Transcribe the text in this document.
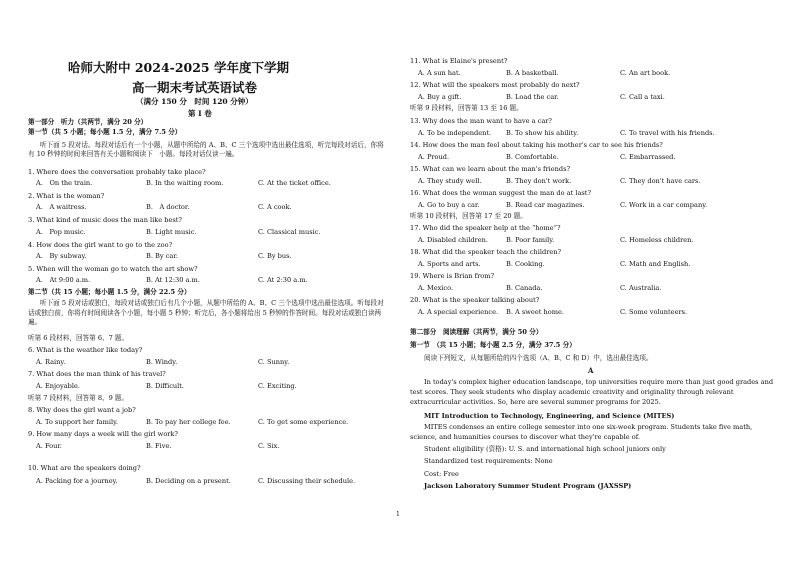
哈师大附中 2024-2025 学年度下学期
高一期末考试英语试卷
（满分 150 分　时间 120 分钟）
第 I 卷
第一部分　听力（共两节，满分 20 分）
第一节（共 5 小题；每小题 1.5 分，满分 7.5 分）
听下面 5 段对话。每段对话后有一个小题，从题中所给的 A、B、C 三个选项中选出最佳选项，听完每段对话后，你将有 10 秒钟的时间来回答有关小题和阅读下　小题。每段对话仅读一遍。
1. Where does the conversation probably take place?
A.　On the train.	B. In the waiting room.	C. At the ticket office.
2. What is the woman?
A.　A waitress.	B.　A doctor.	C. A cook.
3. What kind of music does the man like best?
A.　Pop music.	B. Light music.	C. Classical music.
4. How does the girl want to go to the zoo?
A.　By subway.	B. By car.	C. By bus.
5. When will the woman go to watch the art show?
A.　At 9:00 a.m.	B. At 12:30 a.m.	C. At 2:30 a.m.
第二节（共 15 小题；每小题 1.5 分，满分 22.5 分）
听下面 5 段对话或独白，每段对话或独白后有几个小题，从题中所给的 A、B、C 三个选项中选出最佳选项。听每段对话或独白前，你将有时间阅读各个小题，每小题 5 秒钟；听完后，各小题将给出 5 秒钟的作答时间。每段对话或独白读两遍。
听第 6 段材料，回答第 6、7 题。
6. What is the weather like today?
A. Rainy.	B. Windy.	C. Sunny.
7. What does the man think of his travel?
A. Enjoyable.	B. Difficult.	C. Exciting.
听第 7 段材料，回答第 8、9 题。
8. Why does the girl want a job?
A. To support her family.	B. To pay her college fee.	C. To get some experience.
9. How many days a week will the girl work?
A. Four.	B. Five.	C. Six.
10. What are the speakers doing?
A. Packing for a journey.	B. Deciding on a present.	C. Discussing their schedule.
11. What is Elaine's present?
A. A sun hat.	B. A basketball.	C. An art book.
12. What will the speakers most probably do next?
A. Buy a gift.	B. Load the car.	C. Call a taxi.
听第 9 段材料，回答第 13 至 16 题。
13. Why does the man want to have a car?
A. To be independent. B. To show his ability.	C. To travel with his friends.
14. How does the man feel about taking his mother's car to see his friends?
A. Proud.	B. Comfortable.	C. Embarrassed.
15. What can we learn about the man's friends?
A. They study well.	B. They don't work.	C. They don't have cars.
16. What does the woman suggest the man do at last?
A. Go to buy a car.	B. Read car magazines.	C. Work in a car company.
听第 10 段材料，回答第 17 至 20 题。
17. Who did the speaker help at the “home”?
A. Disabled children.	B. Poor family.	C. Homeless children.
18. What did the speaker teach the children?
A. Sports and arts.	B. Cooking.	C. Math and English.
19. Where is Brian from?
A. Mexico.	B. Canada.	C. Australia.
20. What is the speaker talking about?
A. A special experience. B. A sweet home.	C. Some volunteers.
第二部分　阅读理解（共两节，满分 50 分）
第一节　（共 15 小题；每小题 2.5 分，满分 37.5 分）
阅读下列短文，从每题所给的四个选项（A、B、C 和 D）中，选出最佳选项。
A
In today's complex higher education landscape, top universities require more than just good grades and test scores. They seek students who display academic creativity and originality through relevant extracurricular activities. So, here are several summer programs for 2025.
MIT Introduction to Technology, Engineering, and Science (MITES)
MITES condenses an entire college semester into one six-week program. Students take five math, science, and humanities courses to discover what they're capable of.
Student eligibility (资格): U. S. and international high school juniors only
Standardized test requirements: None
Cost: Free
Jackson Laboratory Summer Student Program (JAXSSP)
1
